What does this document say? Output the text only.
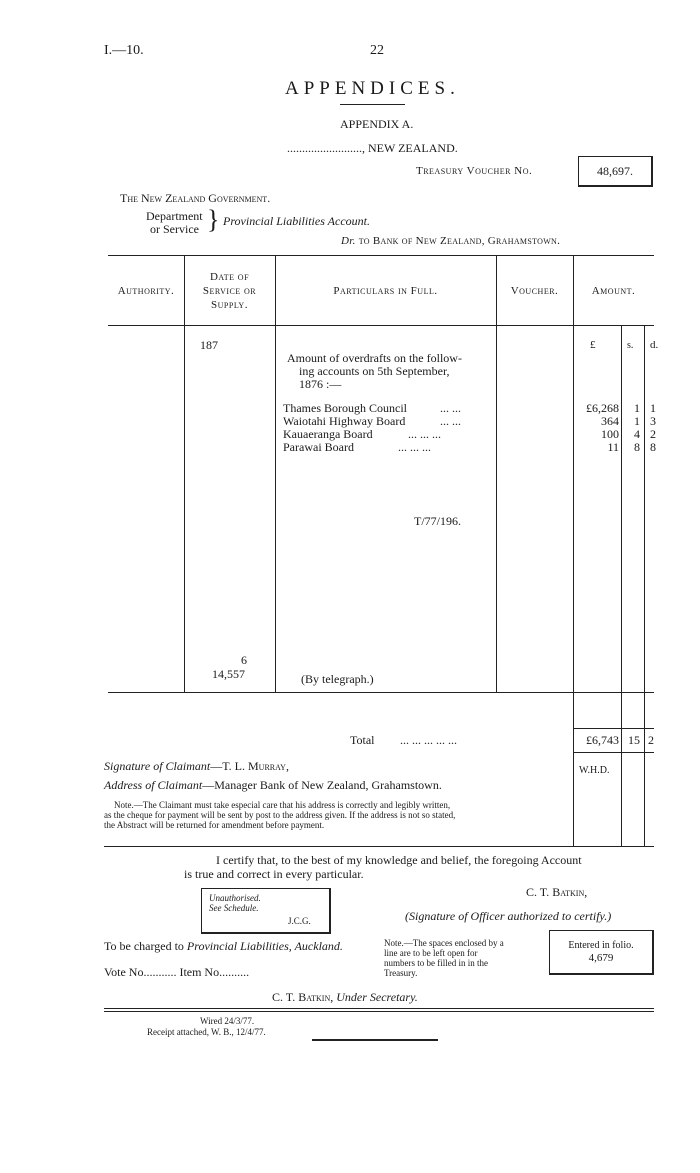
I.—10.	22
APPENDICES.
APPENDIX A.
........................., NEW ZEALAND.
Treasury Voucher No.	48,697.
The New Zealand Government.
Department
or Service } Provincial Liabilities Account.
Dr. to Bank of New Zealand, Grahamstown.
Authority.
Date of
Service or
Supply.
Particulars in Full.	Voucher.	Amount.
£	s. d.
187
Amount of overdrafts on the follow-
ing accounts on 5th September,
1876 :—
Thames Borough Council	... ...	£6,268	1 1
Waiotahi Highway Board	... ...	364	1 3
Kauaeranga Board	... ... ...	100	4 2
Parawai Board	... ... ...	11	8 8
T/77/196.
6
14,557	(By telegraph.)
Total ... ... ... ... ...	£6,743 15 2
W.H.D.
Signature of Claimant—T. L. Murray,
Address of Claimant—Manager Bank of New Zealand, Grahamstown.
Note.—The Claimant must take especial care that his address is correctly and legibly written,
as the cheque for payment will be sent by post to the address given. If the address is not so stated,
the Abstract will be returned for amendment before payment.
I certify that, to the best of my knowledge and belief, the foregoing Account
is true and correct in every particular.
Unauthorised.
See Schedule.
J.C.G.
C. T. Batkin,
(Signature of Officer authorized to certify.)
To be charged to Provincial Liabilities, Auckland.
Vote No........... Item No..........
Note.—The spaces enclosed by a
line are to be left open for
numbers to be filled in in the
Treasury.
Entered in folio.
4,679
C. T. Batkin, Under Secretary.
Wired 24/3/77.
Receipt attached, W. B., 12/4/77.
